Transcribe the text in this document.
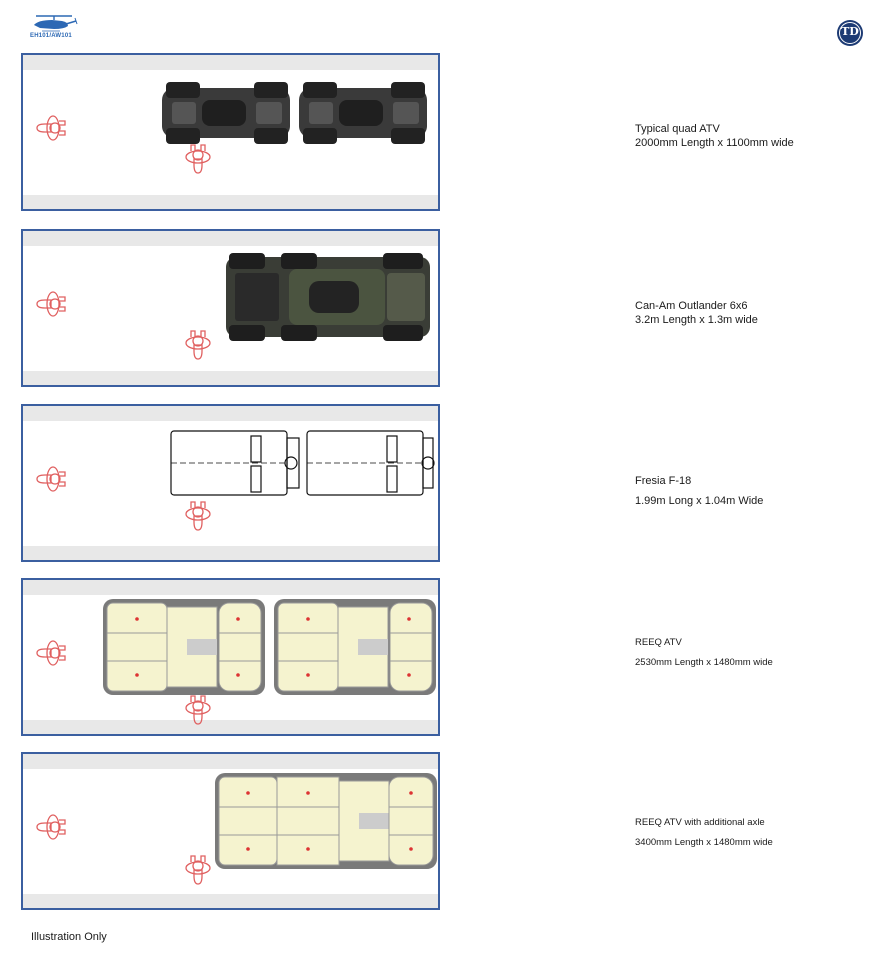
EH101/AW101	TD
Typical quad ATV
2000mm Length x 1100mm wide
Can-Am Outlander 6x6
3.2m Length x 1.3m wide
Fresia F-18
1.99m Long x 1.04m Wide
REEQ ATV
2530mm Length x 1480mm wide
REEQ ATV with additional axle
3400mm Length x 1480mm wide
Illustration Only
